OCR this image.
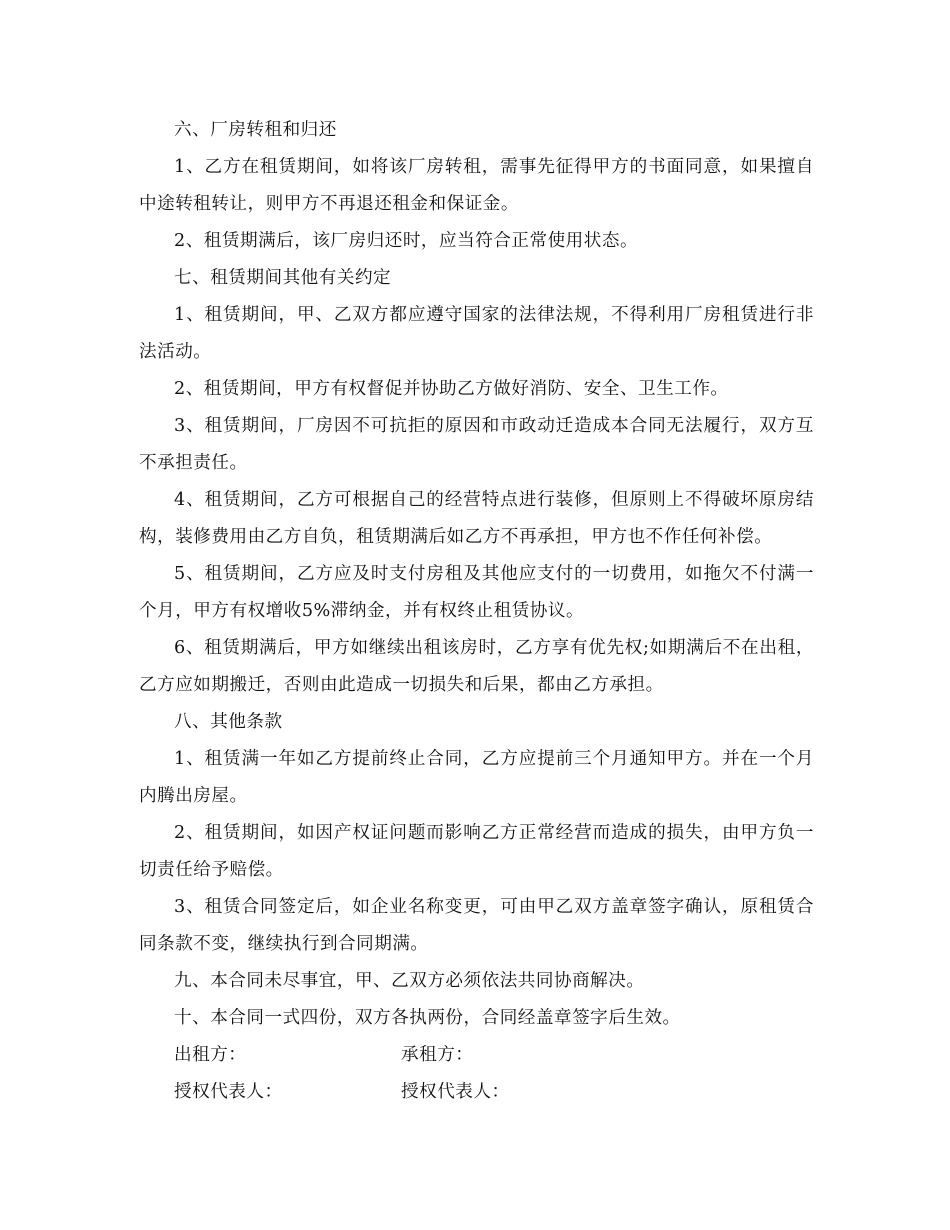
六、厂房转租和归还

1、乙方在租赁期间，如将该厂房转租，需事先征得甲方的书面同意，如果擅自中途转租转让，则甲方不再退还租金和保证金。

2、租赁期满后，该厂房归还时，应当符合正常使用状态。

七、租赁期间其他有关约定

1、租赁期间，甲、乙双方都应遵守国家的法律法规，不得利用厂房租赁进行非法活动。

2、租赁期间，甲方有权督促并协助乙方做好消防、安全、卫生工作。

3、租赁期间，厂房因不可抗拒的原因和市政动迁造成本合同无法履行，双方互不承担责任。

4、租赁期间，乙方可根据自己的经营特点进行装修，但原则上不得破坏原房结构，装修费用由乙方自负，租赁期满后如乙方不再承担，甲方也不作任何补偿。

5、租赁期间，乙方应及时支付房租及其他应支付的一切费用，如拖欠不付满一个月，甲方有权增收5%滞纳金，并有权终止租赁协议。

6、租赁期满后，甲方如继续出租该房时，乙方享有优先权;如期满后不在出租，乙方应如期搬迁，否则由此造成一切损失和后果，都由乙方承担。

八、其他条款

1、租赁满一年如乙方提前终止合同，乙方应提前三个月通知甲方。并在一个月内腾出房屋。

2、租赁期间，如因产权证问题而影响乙方正常经营而造成的损失，由甲方负一切责任给予赔偿。

3、租赁合同签定后，如企业名称变更，可由甲乙双方盖章签字确认，原租赁合同条款不变，继续执行到合同期满。

九、本合同未尽事宜，甲、乙双方必须依法共同协商解决。

十、本合同一式四份，双方各执两份，合同经盖章签字后生效。

出租方：	承租方：
授权代表人：	授权代表人：
